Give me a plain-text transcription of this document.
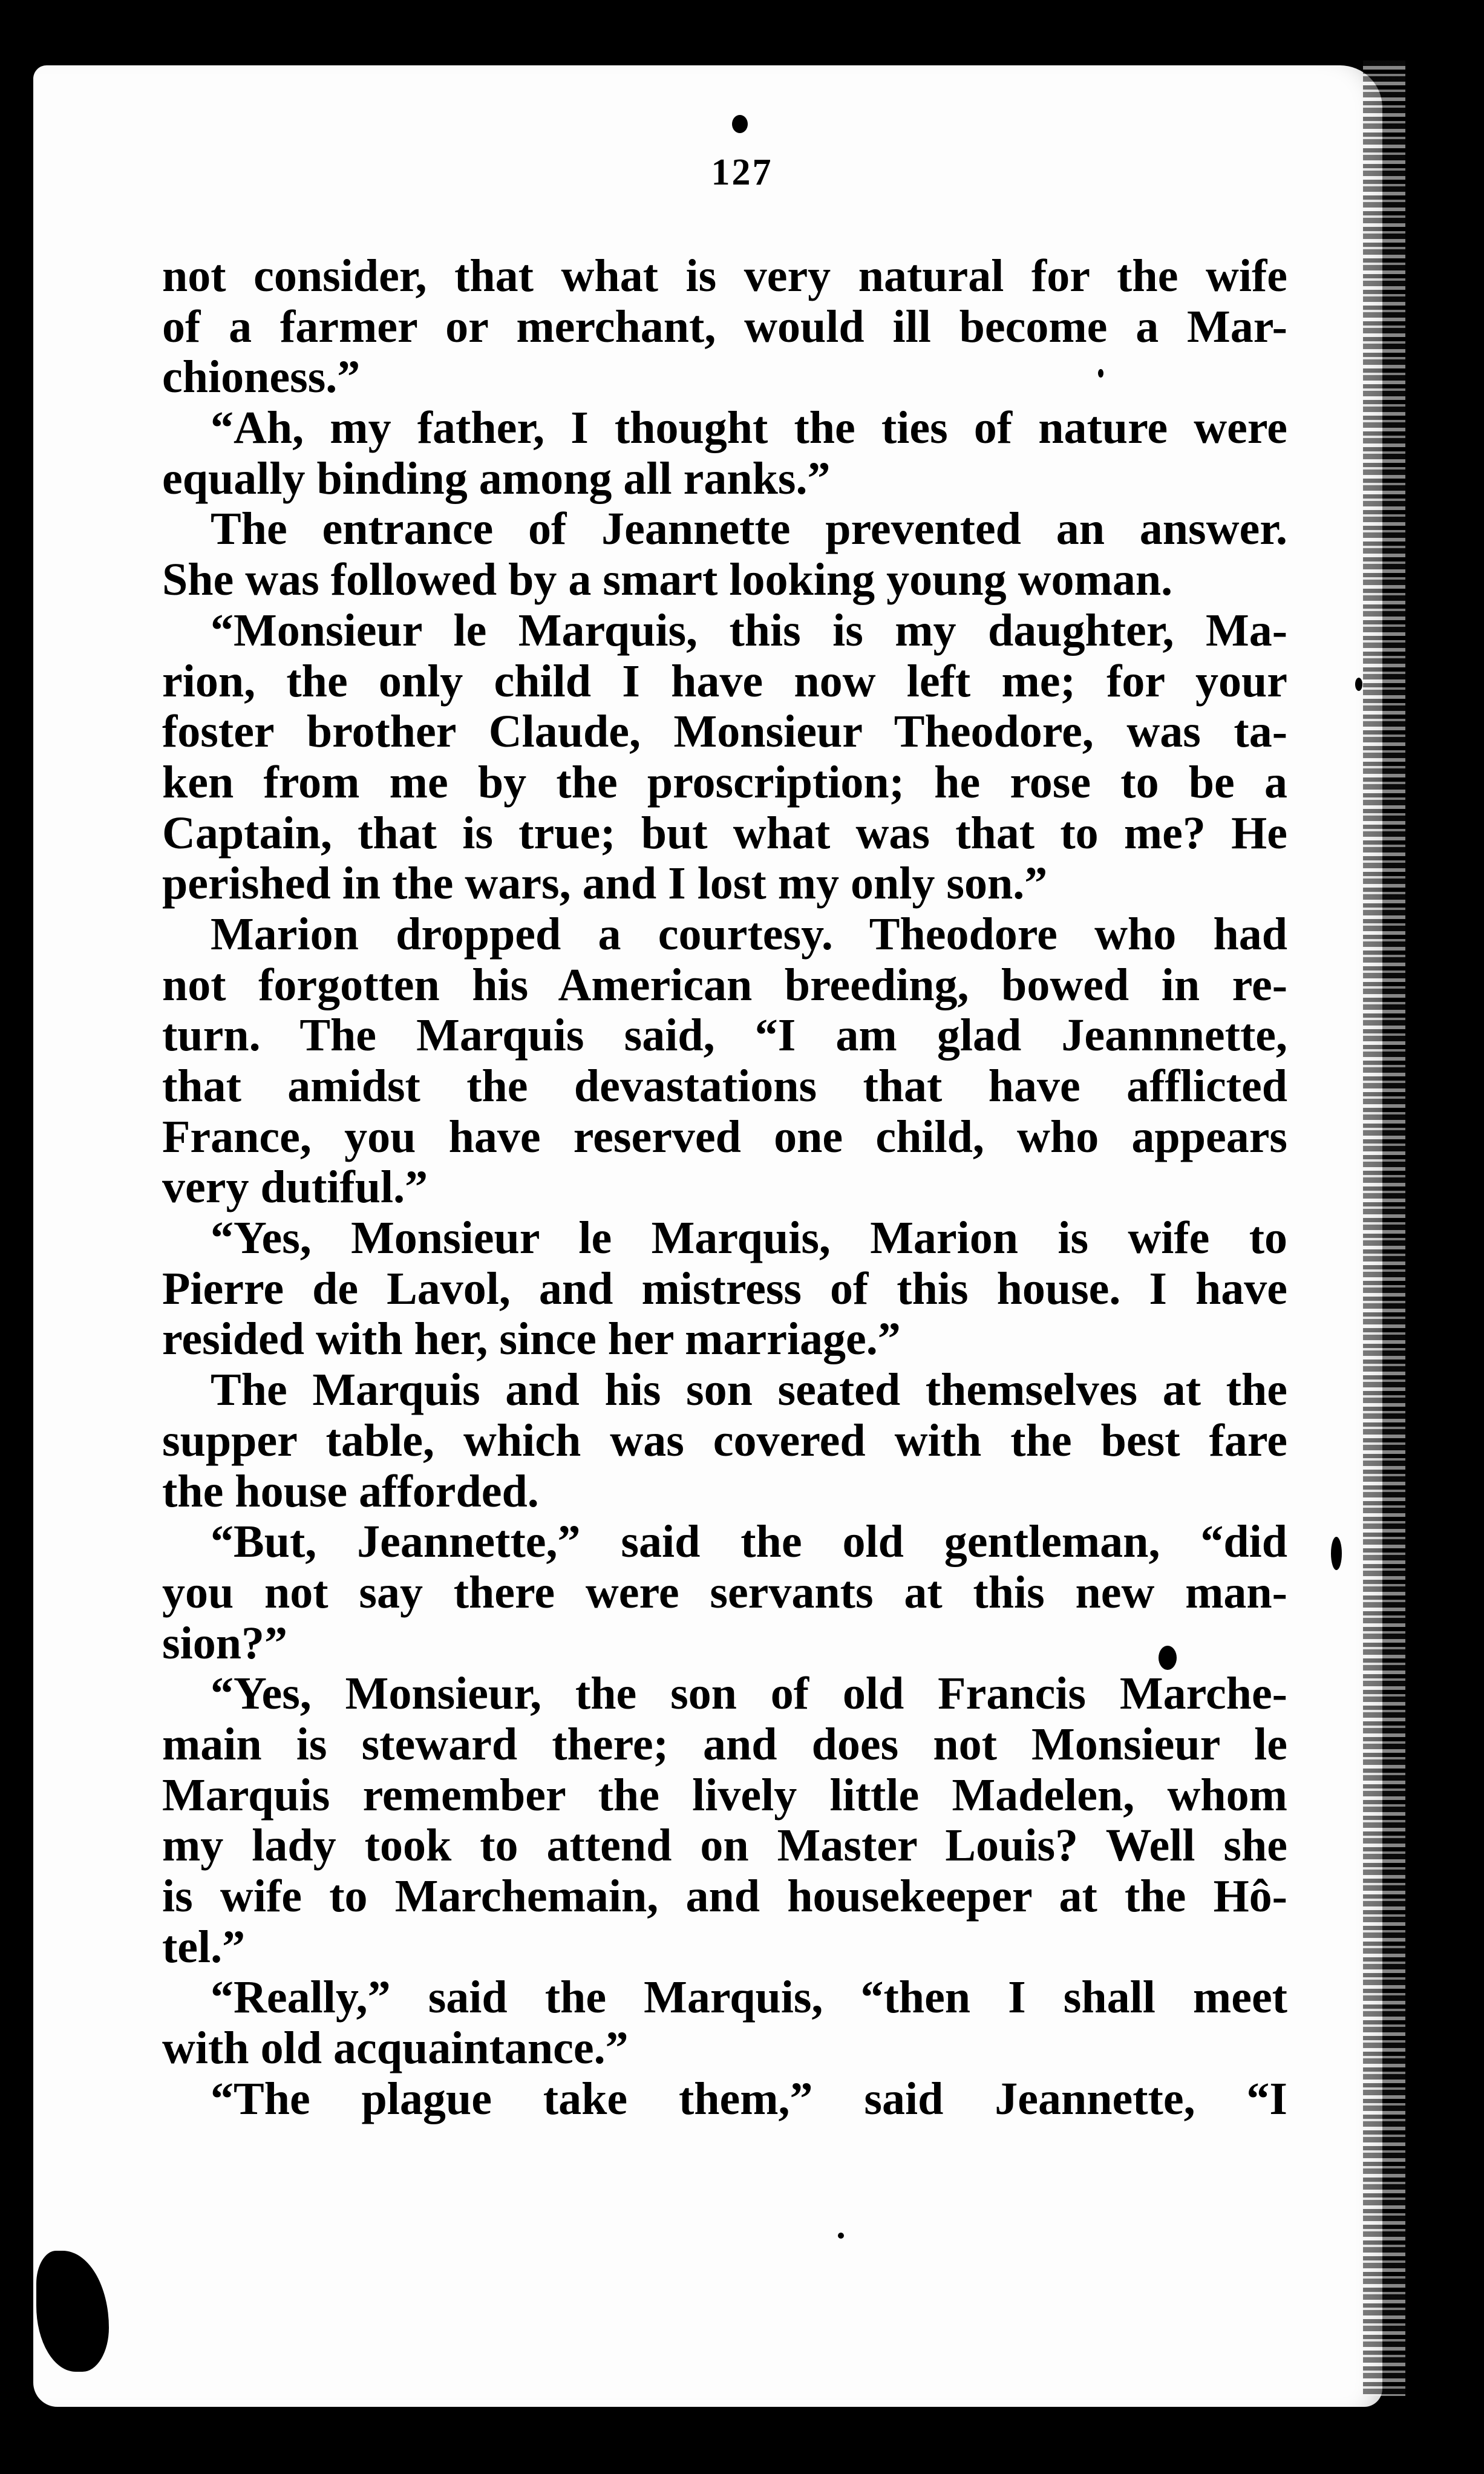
127
not consider, that what is very natural for the wife
of a farmer or merchant, would ill become a Mar-
chioness.”
“Ah, my father, I thought the ties of nature were
equally binding among all ranks.”
The entrance of Jeannette prevented an answer.
She was followed by a smart looking young woman.
“Monsieur le Marquis, this is my daughter, Ma-
rion, the only child I have now left me; for your
foster brother Claude, Monsieur Theodore, was ta-
ken from me by the proscription; he rose to be a
Captain, that is true; but what was that to me? He
perished in the wars, and I lost my only son.”
Marion dropped a courtesy. Theodore who had
not forgotten his American breeding, bowed in re-
turn. The Marquis said, “I am glad Jeannnette,
that amidst the devastations that have afflicted
France, you have reserved one child, who appears
very dutiful.”
“Yes, Monsieur le Marquis, Marion is wife to
Pierre de Lavol, and mistress of this house. I have
resided with her, since her marriage.”
The Marquis and his son seated themselves at the
supper table, which was covered with the best fare
the house afforded.
“But, Jeannette,” said the old gentleman, “did
you not say there were servants at this new man-
sion?”
“Yes, Monsieur, the son of old Francis Marche-
main is steward there; and does not Monsieur le
Marquis remember the lively little Madelen, whom
my lady took to attend on Master Louis? Well she
is wife to Marchemain, and housekeeper at the Hô-
tel.”
“Really,” said the Marquis, “then I shall meet
with old acquaintance.”
“The plague take them,” said Jeannette, “I
